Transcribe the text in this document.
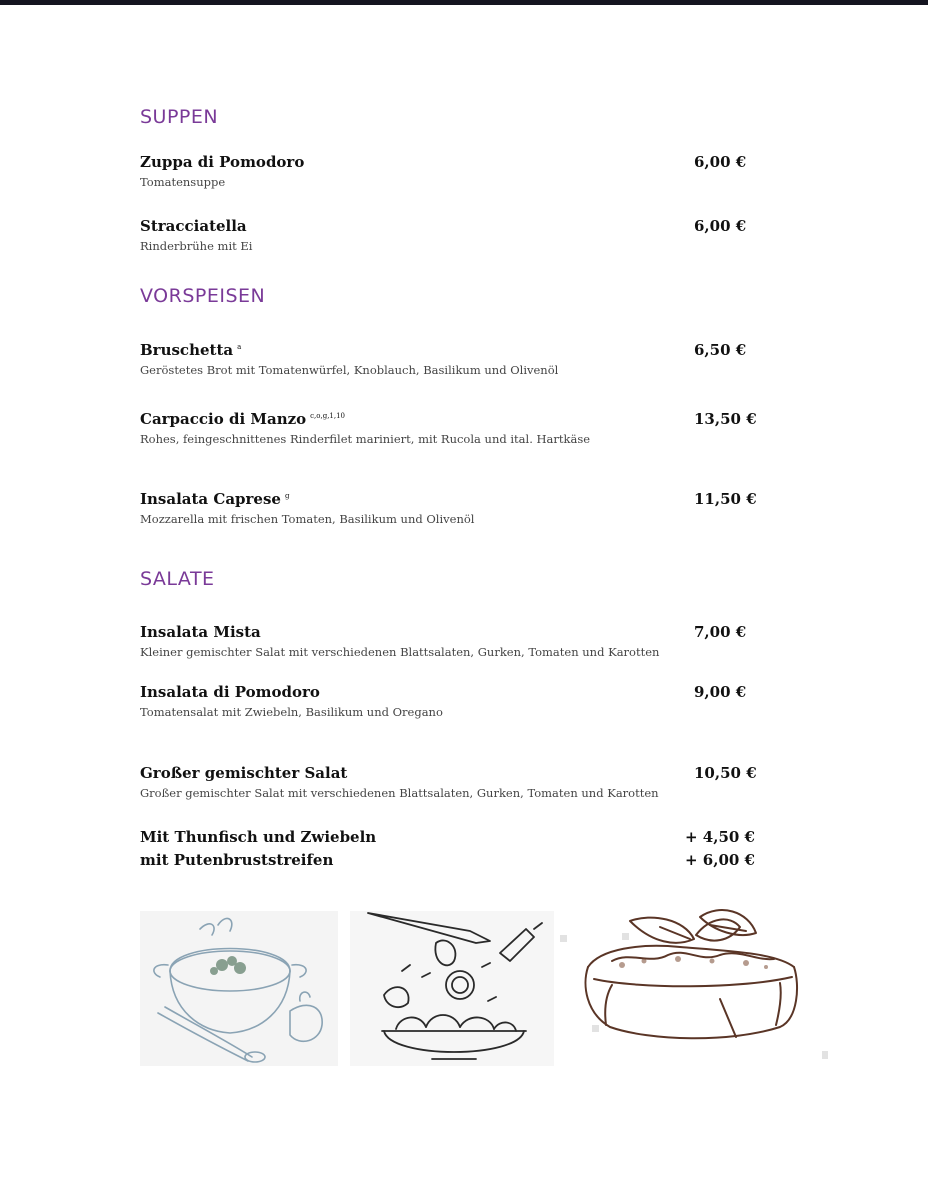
SUPPEN
Zuppa di Pomodoro
Tomatensuppe
6,00 €
Stracciatella
Rinderbrühe mit Ei
6,00 €
VORSPEISEN
Bruschetta $^a$
Geröstetes Brot mit Tomatenwürfel, Knoblauch, Basilikum und Olivenöl
6,50 €
Carpaccio di Manzo $^{c,o,g,1,10}$
Rohes, feingeschnittenes Rinderfilet mariniert, mit Rucola und ital. Hartkäse
13,50 €
Insalata Caprese $^g$
Mozzarella mit frischen Tomaten, Basilikum und Olivenöl
11,50 €
SALATE
Insalata Mista
Kleiner gemischter Salat mit verschiedenen Blattsalaten, Gurken, Tomaten und Karotten
7,00 €
Insalata di Pomodoro
Tomatensalat mit Zwiebeln, Basilikum und Oregano
9,00 €
Großer gemischter Salat
Großer gemischter Salat mit verschiedenen Blattsalaten, Gurken, Tomaten und Karotten
10,50 €
Mit Thunfisch und Zwiebeln	+ 4,50 €
mit Putenbruststreifen	+ 6,00 €
